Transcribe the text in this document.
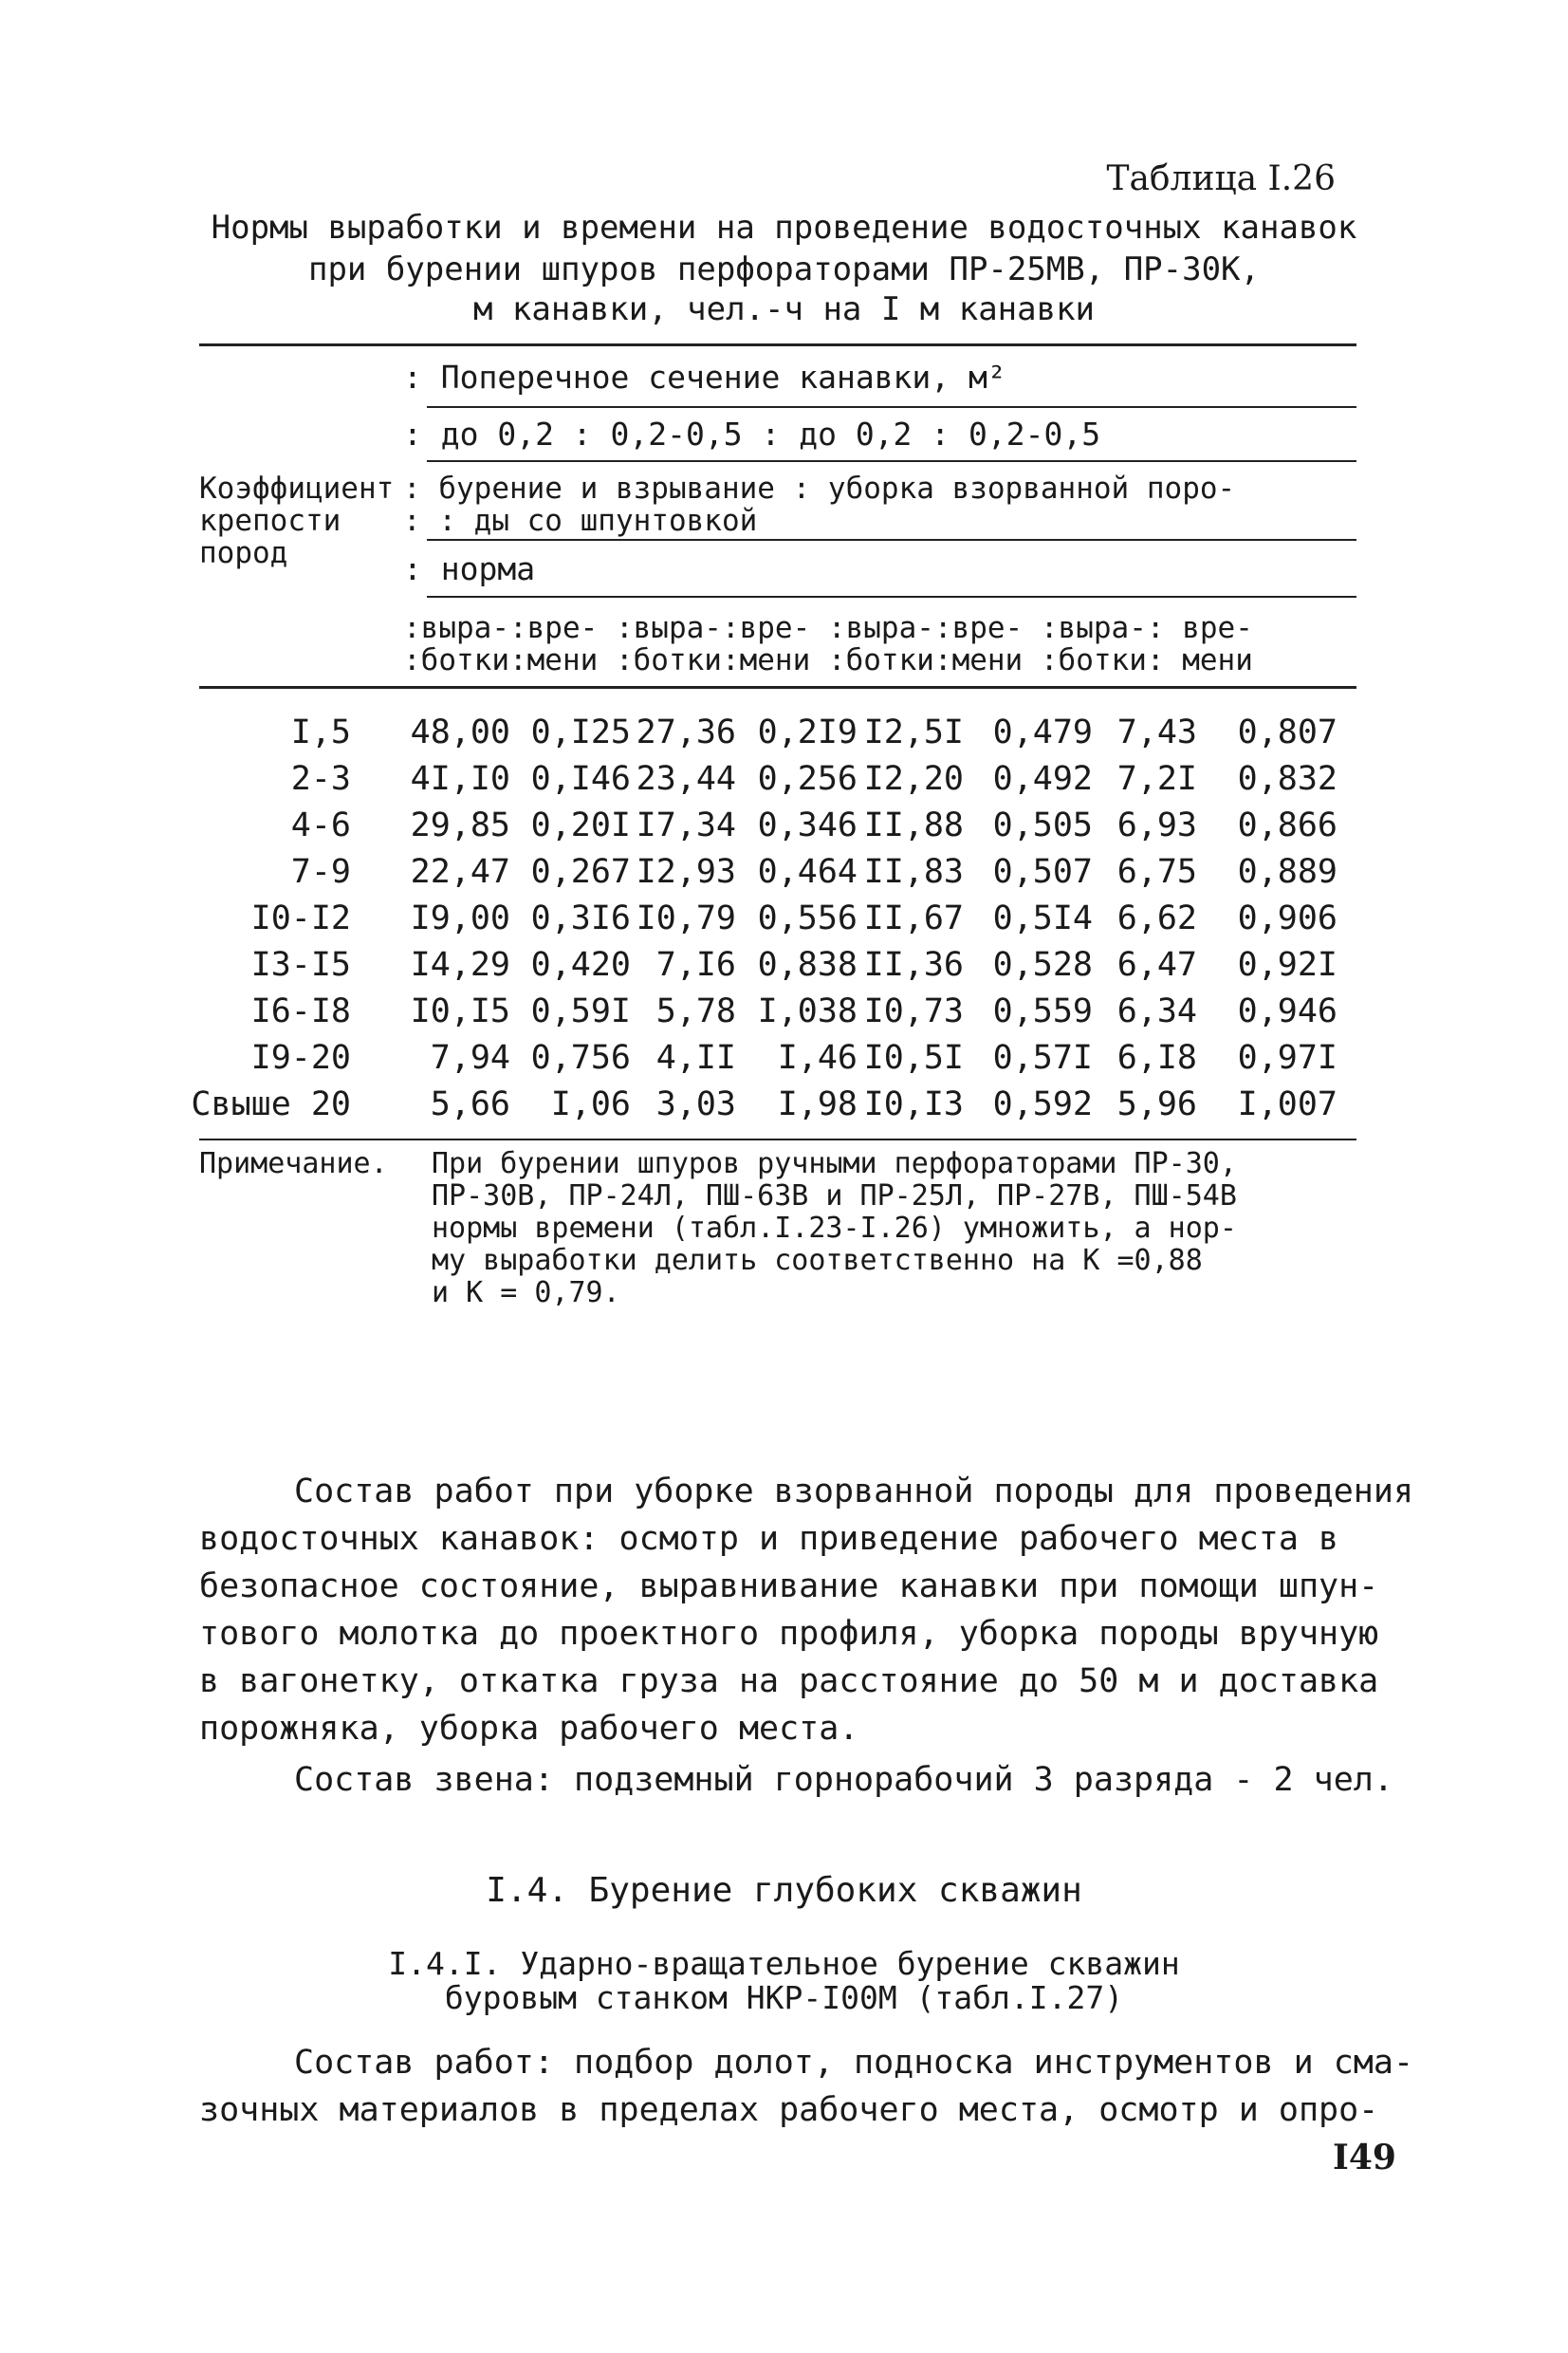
Таблица I.26
Нормы выработки и времени на проведение водосточных канавок
при бурении шпуров перфораторами ПР-25МВ, ПР-30К,
м канавки, чел.-ч на I м канавки
: Поперечное сечение канавки, м²
: до 0,2 : 0,2-0,5 : до 0,2 : 0,2-0,5
Коэффициент
крепости
пород
: бурение и взрывание : уборка взорванной поро-
: : ды со шпунтовкой
: норма
:выра-:вре- :выра-:вре- :выра-:вре- :выра-: вре-
:ботки:мени :ботки:мени :ботки:мени :ботки: мени
I,5 48,00 0,I25 27,36 0,2I9 I2,5I 0,479 7,43 0,807
2-3 4I,I0 0,I46 23,44 0,256 I2,20 0,492 7,2I 0,832
4-6 29,85 0,20I I7,34 0,346 II,88 0,505 6,93 0,866
7-9 22,47 0,267 I2,93 0,464 II,83 0,507 6,75 0,889
I0-I2 I9,00 0,3I6 I0,79 0,556 II,67 0,5I4 6,62 0,906
I3-I5 I4,29 0,420 7,I6 0,838 II,36 0,528 6,47 0,92I
I6-I8 I0,I5 0,59I 5,78 I,038 I0,73 0,559 6,34 0,946
I9-20 7,94 0,756 4,II I,46 I0,5I 0,57I 6,I8 0,97I
Свыше 20 5,66 I,06 3,03 I,98 I0,I3 0,592 5,96 I,007
Примечание. При бурении шпуров ручными перфораторами ПР-30,
ПР-30В, ПР-24Л, ПШ-63В и ПР-25Л, ПР-27В, ПШ-54В
нормы времени (табл.I.23-I.26) умножить, а нор-
му выработки делить соответственно на К =0,88
и К = 0,79.
Состав работ при уборке взорванной породы для проведения
водосточных канавок: осмотр и приведение рабочего места в
безопасное состояние, выравнивание канавки при помощи шпун-
тового молотка до проектного профиля, уборка породы вручную
в вагонетку, откатка груза на расстояние до 50 м и доставка
порожняка, уборка рабочего места.
Состав звена: подземный горнорабочий 3 разряда - 2 чел.
I.4. Бурение глубоких скважин
I.4.I. Ударно-вращательное бурение скважин
буровым станком НКР-I00М (табл.I.27)
Состав работ: подбор долот, подноска инструментов и сма-
зочных материалов в пределах рабочего места, осмотр и опро-
I49
